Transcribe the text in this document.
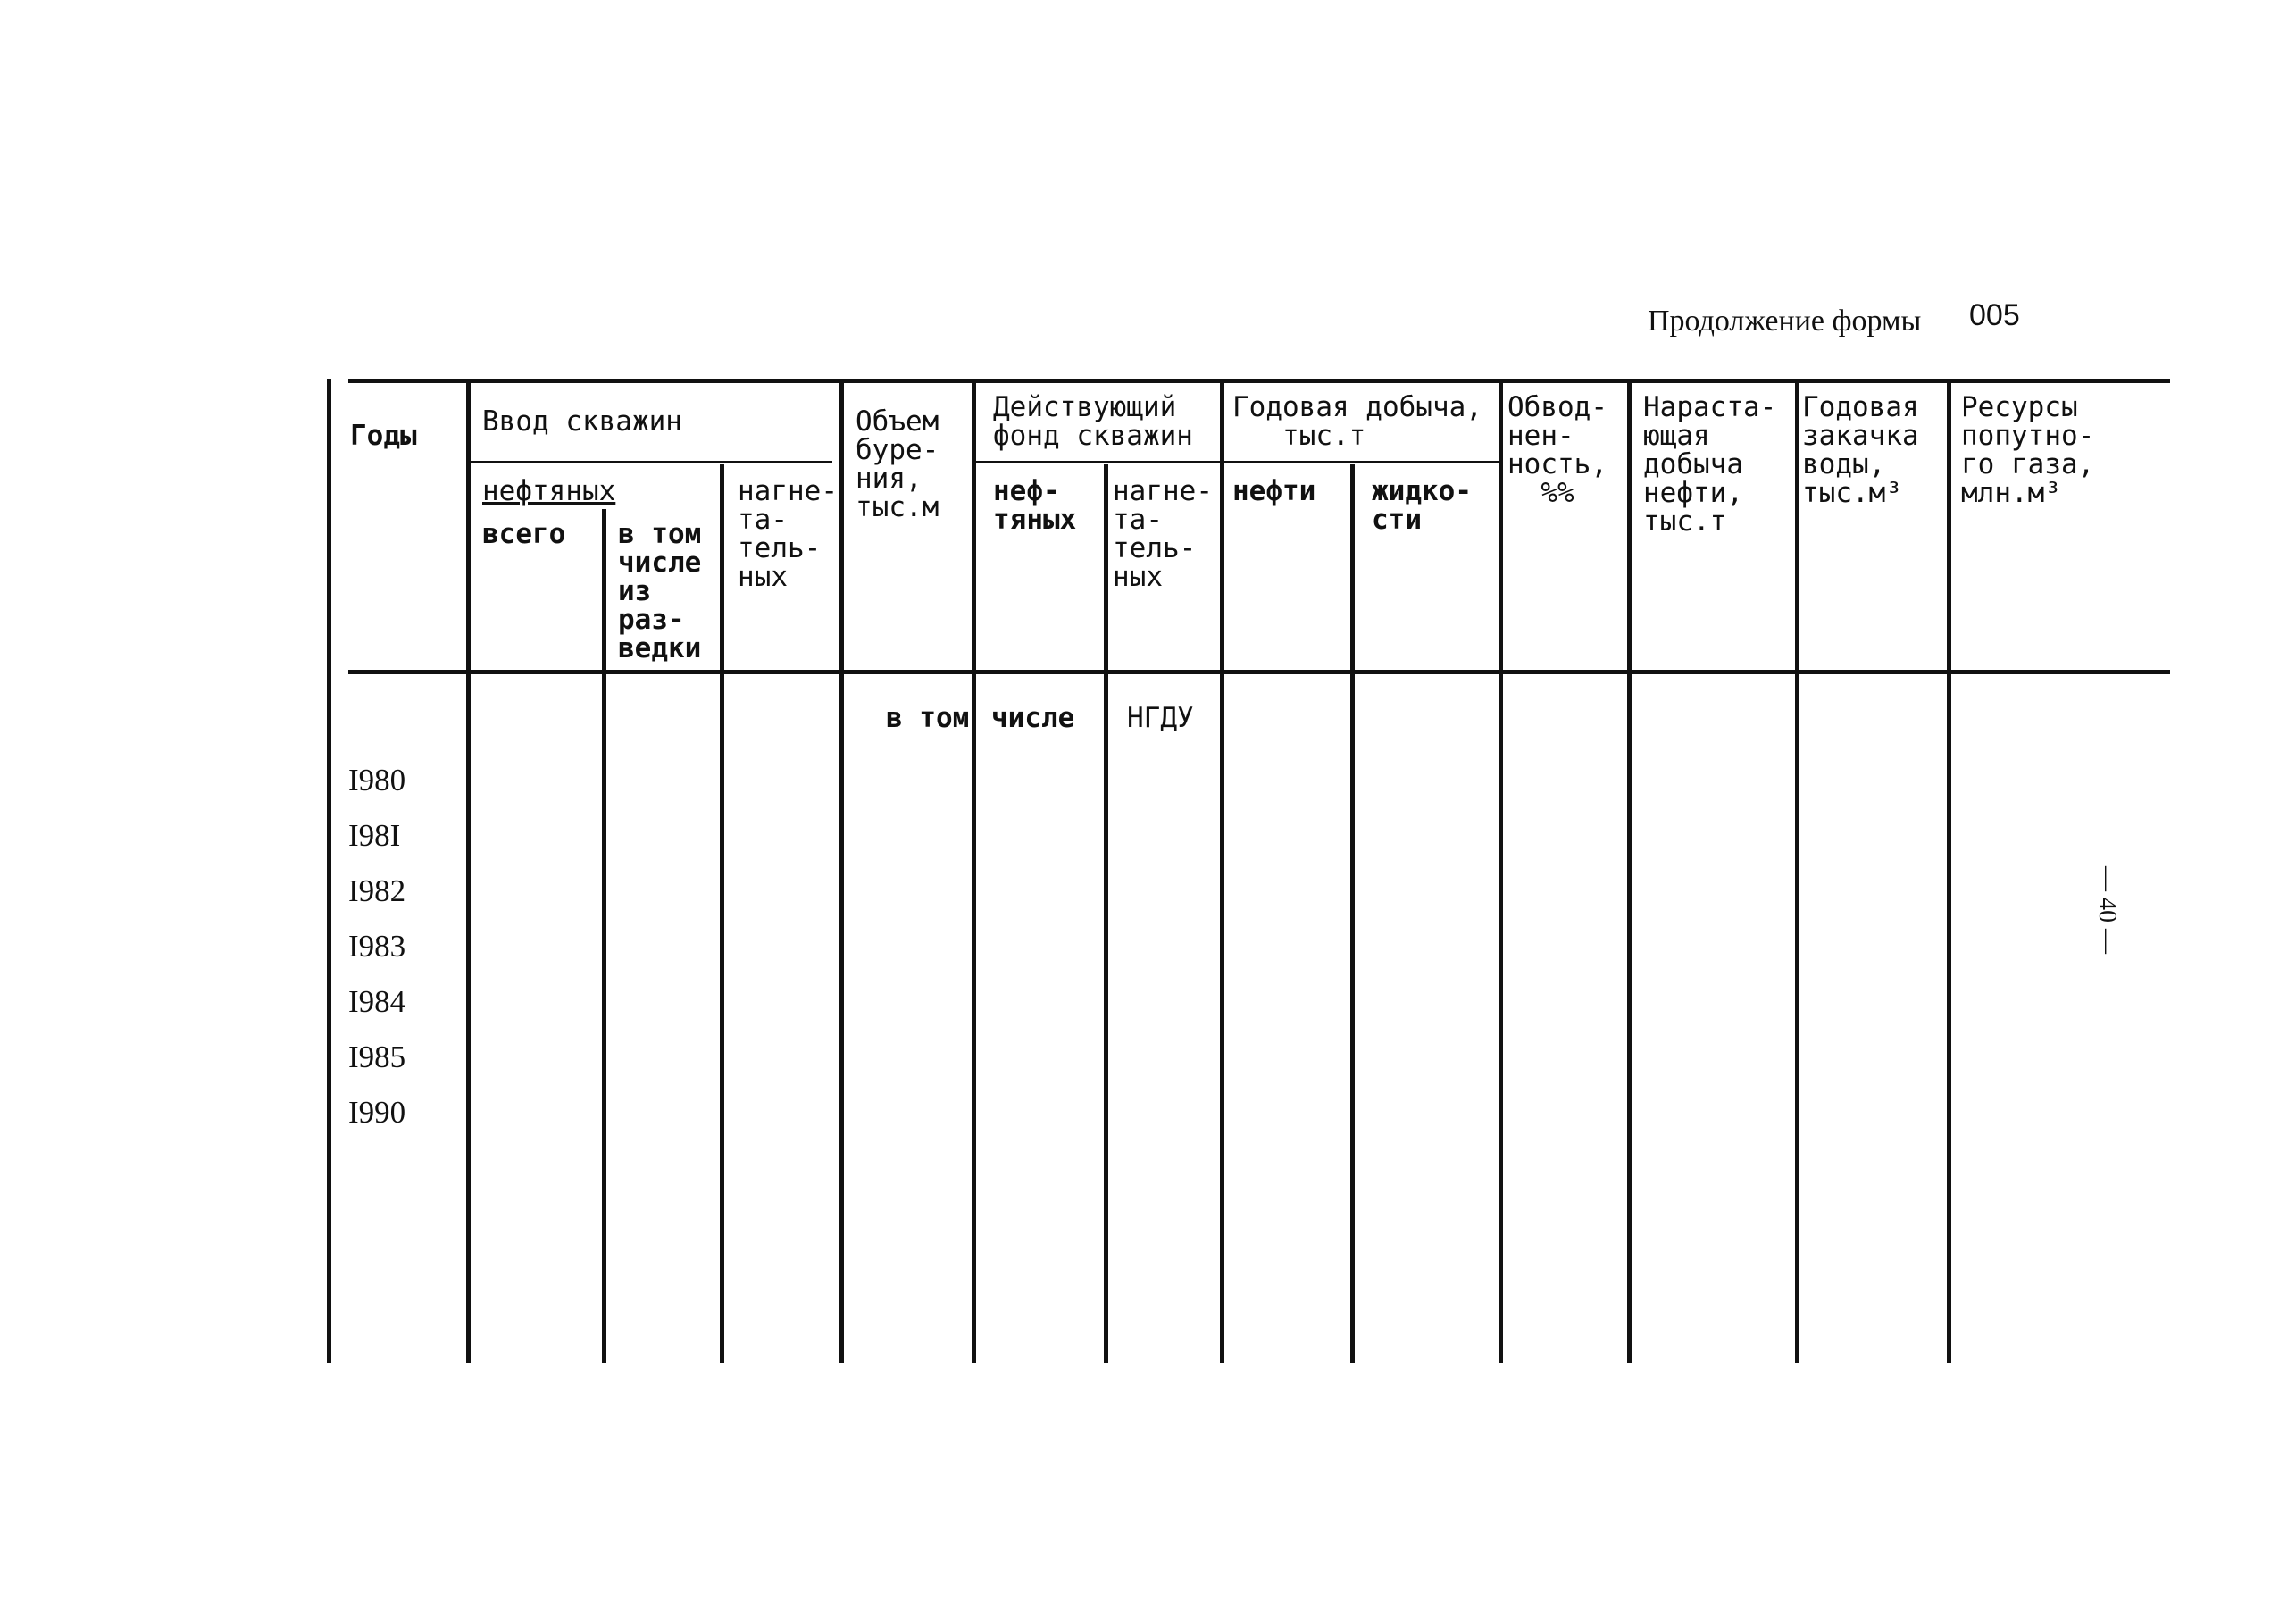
Продолжение формы 005
Годы Ввод скважин
нефтяных
всего в том
числе
из
раз-
ведки
нагне-
та-
тель-
ных
Объем
буре-
ния,
тыс.м
Действующий
фонд скважин
неф-
тяных
нагне-
та-
тель-
ных
Годовая добыча,
тыс.т
нефти жидко-
сти
Обвод-
нен-
ность,
%%
Нараста-
ющая
добыча
нефти,
тыс.т
Годовая
закачка
воды,
тыс.м³
Ресурсы
попутно-
го газа,
млн.м³
в том числе НГДУ
I980
I98I
I982
I983
I984
I985
I990
— 40 —
